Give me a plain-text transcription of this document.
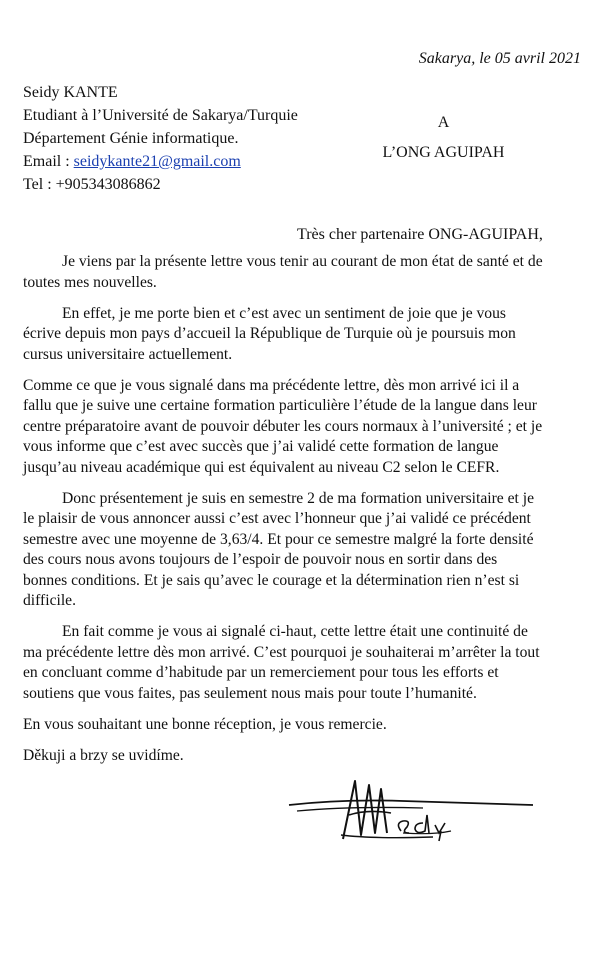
Sakarya, le 05 avril 2021
Seidy KANTE
Etudiant à l’Université de Sakarya/Turquie
Département Génie informatique.
Email : seidykante21@gmail.com
Tel : +905343086862
A
L’ONG AGUIPAH
Très cher partenaire ONG-AGUIPAH,

Je viens par la présente lettre vous tenir au courant de mon état de santé et de toutes mes nouvelles.

En effet, je me porte bien et c’est avec un sentiment de joie que je vous écrive depuis mon pays d’accueil la République de Turquie où je poursuis mon cursus universitaire actuellement.

Comme ce que je vous signalé dans ma précédente lettre, dès mon arrivé ici il a fallu que je suive une certaine formation particulière l’étude de la langue dans leur centre préparatoire avant de pouvoir débuter les cours normaux à l’université ; et je vous informe que c’est avec succès que j’ai validé cette formation de langue jusqu’au niveau académique qui est équivalent au niveau C2 selon le CEFR.

Donc présentement je suis en semestre 2 de ma formation universitaire et je le plaisir de vous annoncer aussi c’est avec l’honneur que j’ai validé ce précédent semestre avec une moyenne de 3,63/4. Et pour ce semestre malgré la forte densité des cours nous avons toujours de l’espoir de pouvoir nous en sortir dans des bonnes conditions. Et je sais qu’avec le courage et la détermination rien n’est si difficile.

En fait comme je vous ai signalé ci-haut, cette lettre était une continuité de ma précédente lettre dès mon arrivé. C’est pourquoi je souhaiterai m’arrêter la tout en concluant comme d’habitude par un remerciement pour tous les efforts et soutiens que vous faites, pas seulement nous mais pour toute l’humanité.

En vous souhaitant une bonne réception, je vous remercie.

Děkuji a brzy se uvidíme.
